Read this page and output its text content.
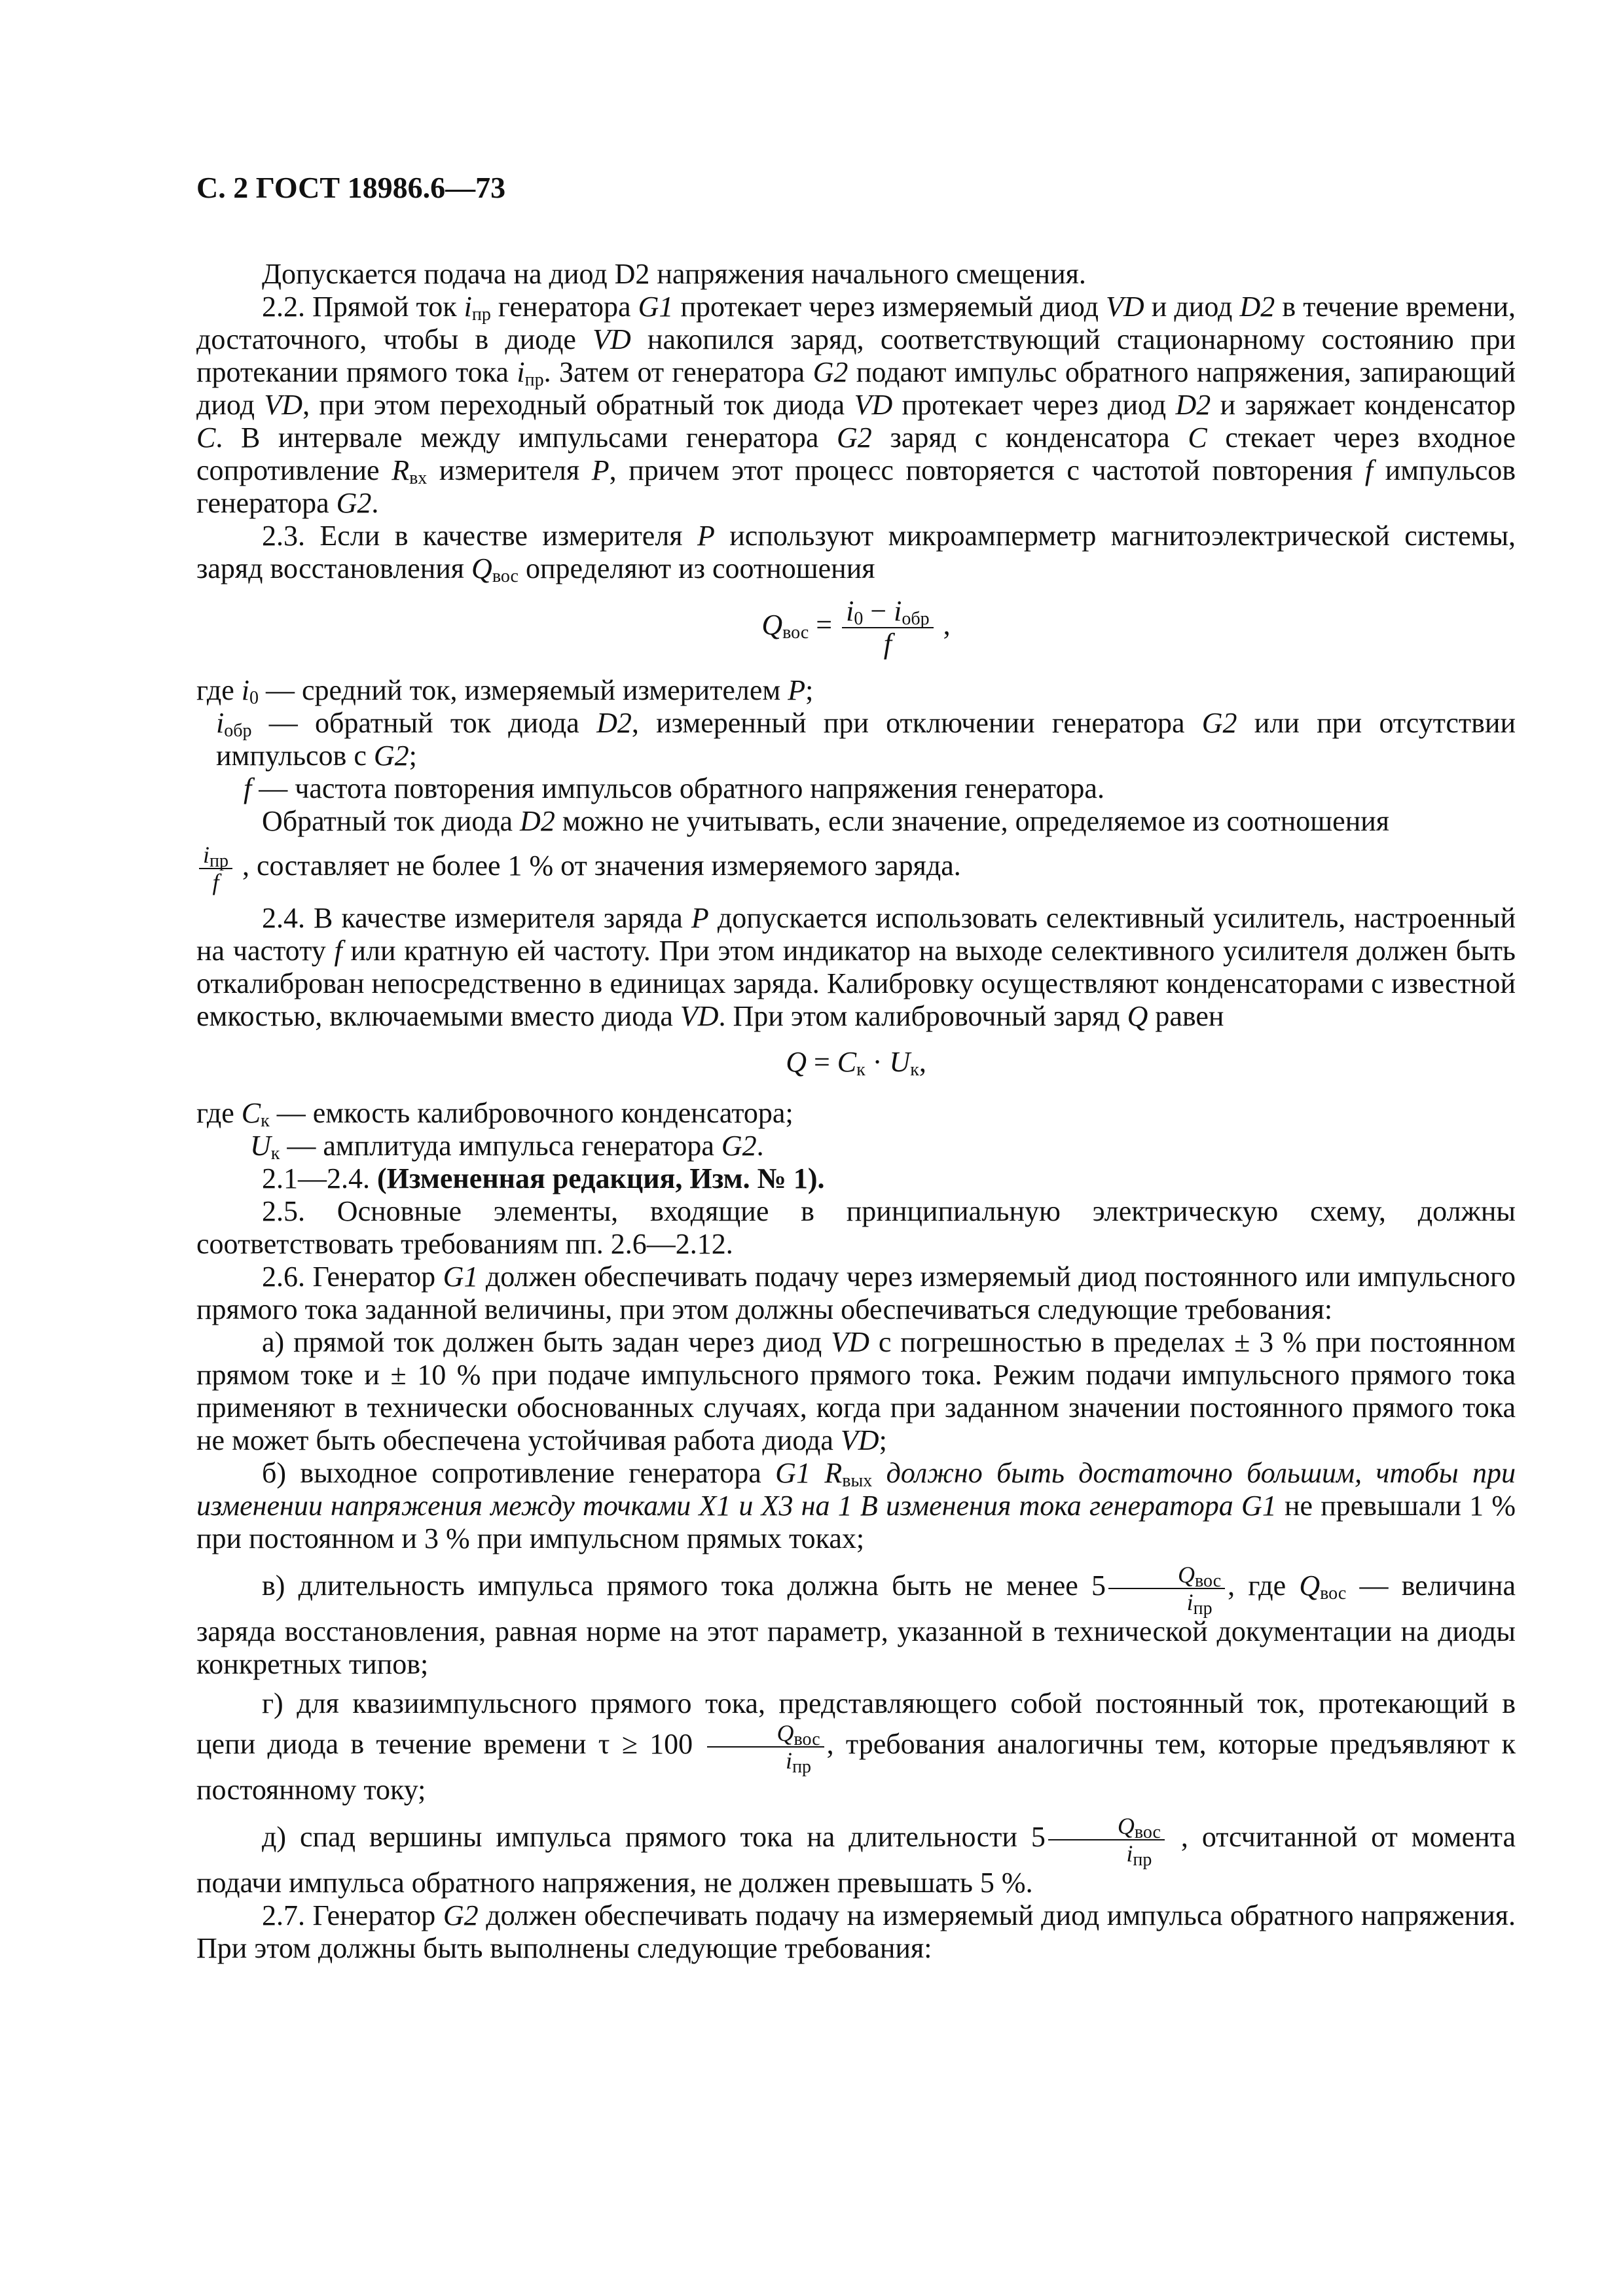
С. 2 ГОСТ 18986.6—73

Допускается подача на диод D2 напряжения начального смещения.

2.2. Прямой ток $i_{пр}$ генератора G1 протекает через измеряемый диод VD и диод D2 в течение времени, достаточного, чтобы в диоде VD накопился заряд, соответствующий стационарному состоянию при протекании прямого тока $i_{пр}$. Затем от генератора G2 подают импульс обратного напряжения, запирающий диод VD, при этом переходный обратный ток диода VD протекает через диод D2 и заряжает конденсатор C. В интервале между импульсами генератора G2 заряд с конденсатора C стекает через входное сопротивление $R_{вх}$ измерителя P, причем этот процесс повторяется с частотой повторения f импульсов генератора G2.

2.3. Если в качестве измерителя P используют микроамперметр магнитоэлектрической системы, заряд восстановления $Q_{вос}$ определяют из соотношения

$Q_{вос} = \frac{i_0 - i_{обр}}{f}$ ,

где $i_0$ — средний ток, измеряемый измерителем P;

$i_{обр}$ — обратный ток диода D2, измеренный при отключении генератора G2 или при отсутствии импульсов с G2;

f — частота повторения импульсов обратного напряжения генератора.

Обратный ток диода D2 можно не учитывать, если значение, определяемое из соотношения

$\frac{i_{пр}}{f}$ , составляет не более 1 % от значения измеряемого заряда.

2.4. В качестве измерителя заряда P допускается использовать селективный усилитель, настроенный на частоту f или кратную ей частоту. При этом индикатор на выходе селективного усилителя должен быть откалиброван непосредственно в единицах заряда. Калибровку осуществляют конденсаторами с известной емкостью, включаемыми вместо диода VD. При этом калибровочный заряд Q равен

$Q = C_к \cdot U_к$,

где $C_к$ — емкость калибровочного конденсатора;

$U_к$ — амплитуда импульса генератора G2.

2.1—2.4. (Измененная редакция, Изм. № 1).

2.5. Основные элементы, входящие в принципиальную электрическую схему, должны соответствовать требованиям пп. 2.6—2.12.

2.6. Генератор G1 должен обеспечивать подачу через измеряемый диод постоянного или импульсного прямого тока заданной величины, при этом должны обеспечиваться следующие требования:

а) прямой ток должен быть задан через диод VD с погрешностью в пределах ± 3 % при постоянном прямом токе и ± 10 % при подаче импульсного прямого тока. Режим подачи импульсного прямого тока применяют в технически обоснованных случаях, когда при заданном значении постоянного прямого тока не может быть обеспечена устойчивая работа диода VD;

б) выходное сопротивление генератора G1 $R_{вых}$ должно быть достаточно большим, чтобы при изменении напряжения между точками X1 и X3 на 1 В изменения тока генератора G1 не превышали 1 % при постоянном и 3 % при импульсном прямых токах;

в) длительность импульса прямого тока должна быть не менее $5 \frac{Q_{вос}}{i_{пр}}$ , где $Q_{вос}$ — величина заряда восстановления, равная норме на этот параметр, указанной в технической документации на диоды конкретных типов;

г) для квазиимпульсного прямого тока, представляющего собой постоянный ток, протекающий в цепи диода в течение времени $\tau \ge 100 \frac{Q_{вос}}{i_{пр}}$ , требования аналогичны тем, которые предъявляют к постоянному току;

д) спад вершины импульса прямого тока на длительности $5 \frac{Q_{вос}}{i_{пр}}$ , отсчитанной от момента подачи импульса обратного напряжения, не должен превышать 5 %.

2.7. Генератор G2 должен обеспечивать подачу на измеряемый диод импульса обратного напряжения. При этом должны быть выполнены следующие требования:
